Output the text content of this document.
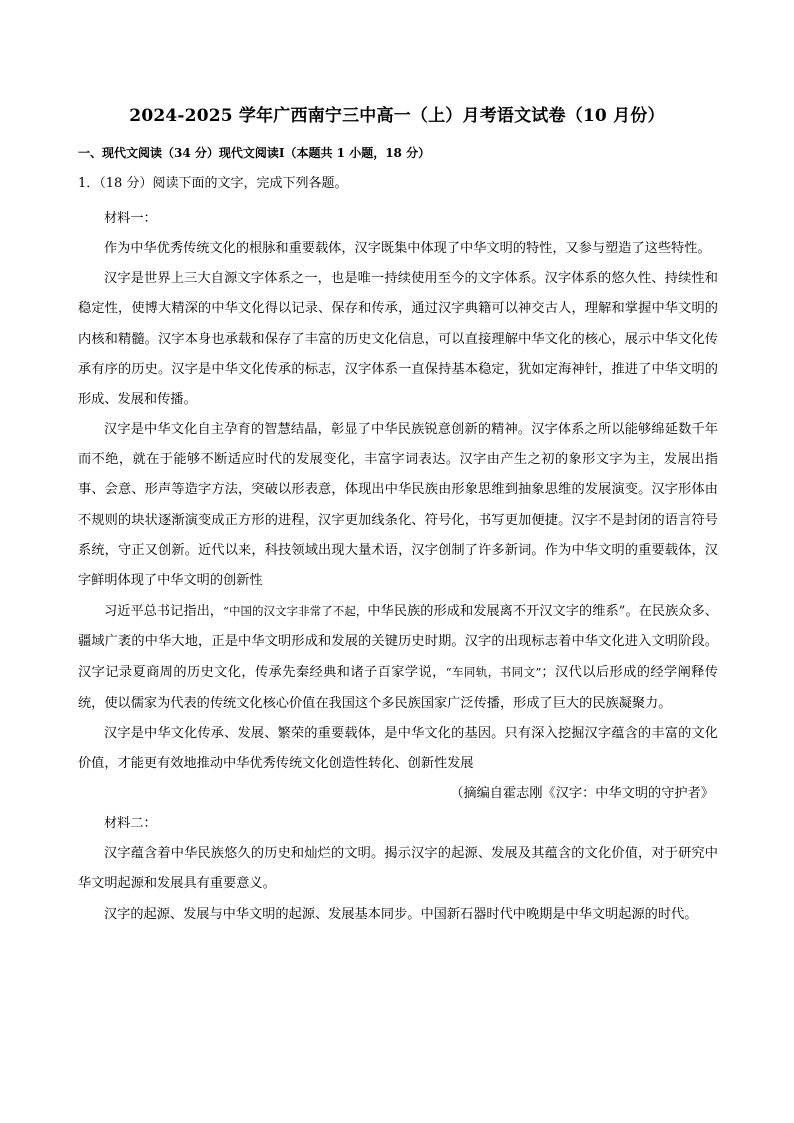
2024-2025 学年广西南宁三中高一（上）月考语文试卷（10 月份）
一、现代文阅读（34 分）现代文阅读Ⅰ（本题共 1 小题，18 分）
1．（18 分）阅读下面的文字，完成下列各题。
材料一：
作为中华优秀传统文化的根脉和重要载体，汉字既集中体现了中华文明的特性，又参与塑造了这些特性。
汉字是世界上三大自源文字体系之一，也是唯一持续使用至今的文字体系。汉字体系的悠久性、持续性和稳定性，使博大精深的中华文化得以记录、保存和传承，通过汉字典籍可以神交古人，理解和掌握中华文明的内核和精髓。汉字本身也承载和保存了丰富的历史文化信息，可以直接理解中华文化的核心，展示中华文化传承有序的历史。汉字是中华文化传承的标志，汉字体系一直保持基本稳定，犹如定海神针，推进了中华文明的形成、发展和传播。
汉字是中华文化自主孕育的智慧结晶，彰显了中华民族锐意创新的精神。汉字体系之所以能够绵延数千年而不绝，就在于能够不断适应时代的发展变化，丰富字词表达。汉字由产生之初的象形文字为主，发展出指事、会意、形声等造字方法，突破以形表意，体现出中华民族由形象思维到抽象思维的发展演变。汉字形体由不规则的块状逐渐演变成正方形的进程，汉字更加线条化、符号化，书写更加便捷。汉字不是封闭的语言符号系统，守正又创新。近代以来，科技领域出现大量术语，汉字创制了许多新词。作为中华文明的重要载体，汉字鲜明体现了中华文明的创新性
习近平总书记指出，“中国的汉文字非常了不起，中华民族的形成和发展离不开汉文字的维系”。在民族众多、疆域广袤的中华大地，正是中华文明形成和发展的关键历史时期。汉字的出现标志着中华文化进入文明阶段。汉字记录夏商周的历史文化，传承先秦经典和诸子百家学说，“车同轨，书同文”；汉代以后形成的经学阐释传统，使以儒家为代表的传统文化核心价值在我国这个多民族国家广泛传播，形成了巨大的民族凝聚力。
汉字是中华文化传承、发展、繁荣的重要载体，是中华文化的基因。只有深入挖掘汉字蕴含的丰富的文化价值，才能更有效地推动中华优秀传统文化创造性转化、创新性发展
（摘编自霍志刚《汉字：中华文明的守护者》
材料二：
汉字蕴含着中华民族悠久的历史和灿烂的文明。揭示汉字的起源、发展及其蕴含的文化价值，对于研究中华文明起源和发展具有重要意义。
汉字的起源、发展与中华文明的起源、发展基本同步。中国新石器时代中晚期是中华文明起源的时代。
